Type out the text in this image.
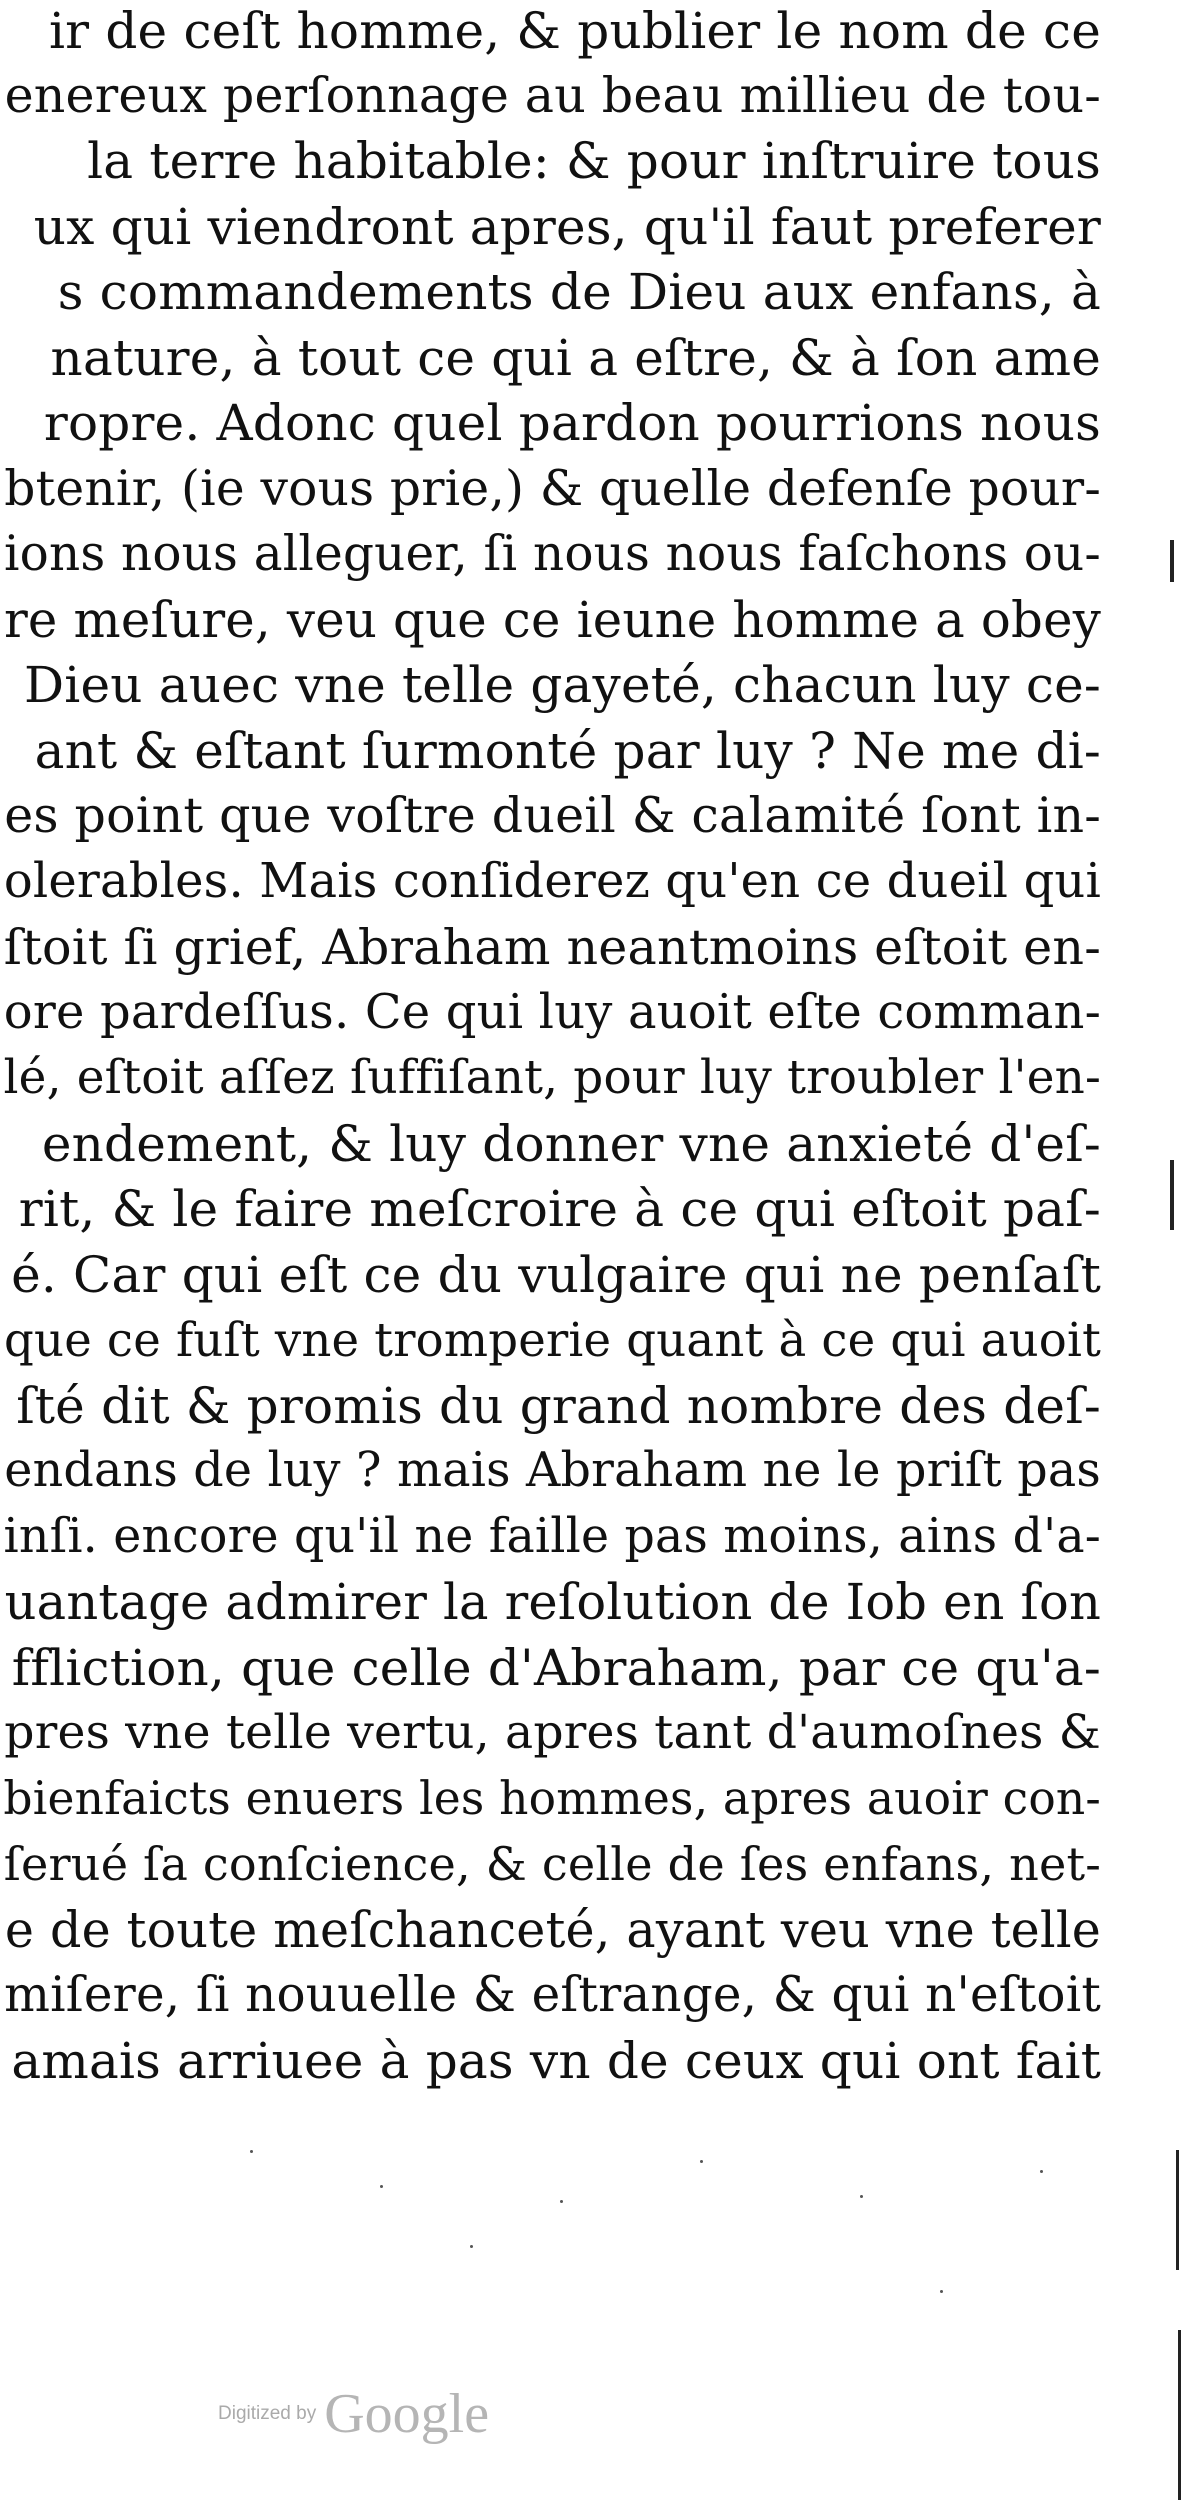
ir de ceſt homme, & publier le nom de ce
enereux perſonnage au beau millieu de tou-
la terre habitable: & pour inſtruire tous
ux qui viendront apres, qu'il faut preferer
s commandements de Dieu aux enfans, à
nature, à tout ce qui a eſtre, & à ſon ame
ropre. Adonc quel pardon pourrions nous
btenir, (ie vous prie,) & quelle defenſe pour-
ions nous alleguer, ſi nous nous faſchons ou-
re meſure, veu que ce ieune homme a obey
Dieu auec vne telle gayeté, chacun luy ce-
ant & eſtant ſurmonté par luy ? Ne me di-
es point que voſtre dueil & calamité ſont in-
olerables. Mais conſiderez qu'en ce dueil qui
ſtoit ſi grief, Abraham neantmoins eſtoit en-
ore pardeſſus. Ce qui luy auoit eſte comman-
lé, eſtoit aſſez ſuffiſant, pour luy troubler l'en-
endement, & luy donner vne anxieté d'eſ-
rit, & le faire meſcroire à ce qui eſtoit paſ-
é. Car qui eſt ce du vulgaire qui ne penſaſt
que ce fuſt vne tromperie quant à ce qui auoit
ſté dit & promis du grand nombre des deſ-
endans de luy ? mais Abraham ne le priſt pas
inſi. encore qu'il ne faille pas moins, ains d'a-
uantage admirer la reſolution de Iob en ſon
ffliction, que celle d'Abraham, par ce qu'a-
pres vne telle vertu, apres tant d'aumoſnes &
bienfaicts enuers les hommes, apres auoir con-
ſerué ſa conſcience, & celle de ſes enfans, net-
e de toute meſchanceté, ayant veu vne telle
miſere, ſi nouuelle & eſtrange, & qui n'eſtoit
amais arriuee à pas vn de ceux qui ont fait
Digitized by Google
